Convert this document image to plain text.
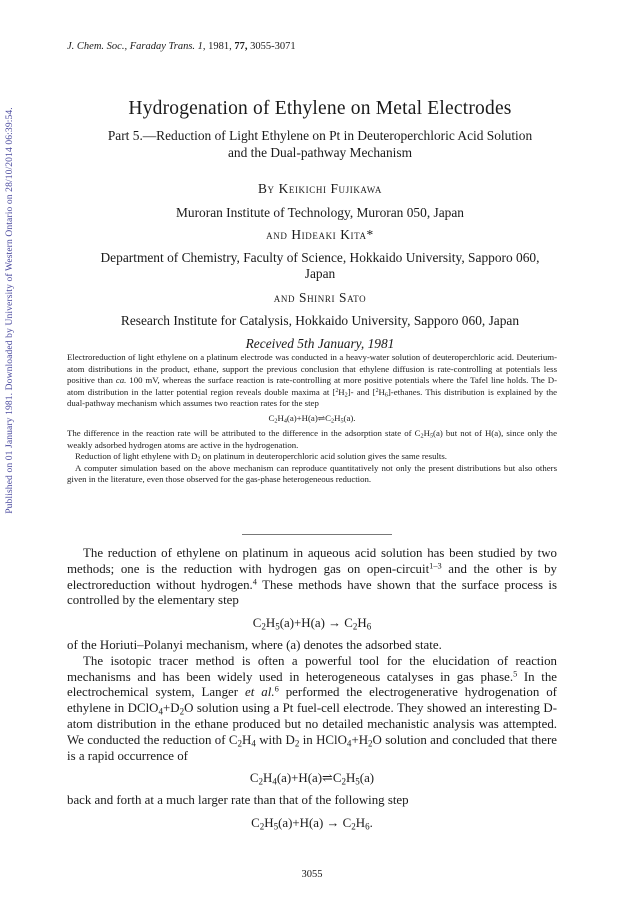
Published on 01 January 1981. Downloaded by University of Western Ontario on 28/10/2014 06:39:54.
J. Chem. Soc., Faraday Trans. 1, 1981, 77, 3055-3071
Hydrogenation of Ethylene on Metal Electrodes
Part 5.—Reduction of Light Ethylene on Pt in Deuteroperchloric Acid Solution
and the Dual-pathway Mechanism
By Keikichi Fujikawa
Muroran Institute of Technology, Muroran 050, Japan
and Hideaki Kita*
Department of Chemistry, Faculty of Science, Hokkaido University, Sapporo 060,
Japan
and Shinri Sato
Research Institute for Catalysis, Hokkaido University, Sapporo 060, Japan
Received 5th January, 1981

Electroreduction of light ethylene on a platinum electrode was conducted in a heavy-water solution of deuteroperchloric acid. Deuterium-atom distributions in the product, ethane, support the previous conclusion that ethylene diffusion is rate-controlling at potentials less positive than ca. 100 mV, whereas the surface reaction is rate-controlling at more positive potentials where the Tafel line holds. The D-atom distribution in the latter potential region reveals double maxima at $[^2H_2]-$ and $[^2H_6]$-ethanes. This distribution is explained by the dual-pathway mechanism which assumes two reaction rates for the step

$C_2H_4(a)+H(a)\rightleftharpoons C_2H_5(a)$.

The difference in the reaction rate will be attributed to the difference in the adsorption state of $C_2H_5(a)$ but not of H(a), since only the weakly adsorbed hydrogen atoms are active in the hydrogenation.

Reduction of light ethylene with $D_2$ on platinum in deuteroperchloric acid solution gives the same results.

A computer simulation based on the above mechanism can reproduce quantitatively not only the present distributions but also others given in the literature, even those observed for the gas-phase heterogeneous reduction.

The reduction of ethylene on platinum in aqueous acid solution has been studied by two methods; one is the reduction with hydrogen gas on open-circuit$^{1-3}$ and the other is by electroreduction without hydrogen.$^4$ These methods have shown that the surface process is controlled by the elementary step

$C_2H_5(a)+H(a) \to C_2H_6$

of the Horiuti–Polanyi mechanism, where (a) denotes the adsorbed state.

The isotopic tracer method is often a powerful tool for the elucidation of reaction mechanisms and has been widely used in heterogeneous catalyses in gas phase.$^5$ In the electrochemical system, Langer et al.$^6$ performed the electrogenerative hydrogenation of ethylene in $DClO_4+D_2O$ solution using a Pt fuel-cell electrode. They showed an interesting D-atom distribution in the ethane produced but no detailed mechanistic analysis was attempted. We conducted the reduction of $C_2H_4$ with $D_2$ in $HClO_4+H_2O$ solution and concluded that there is a rapid occurrence of

$C_2H_4(a)+H(a)\rightleftharpoons C_2H_5(a)$

back and forth at a much larger rate than that of the following step

$C_2H_5(a)+H(a) \to C_2H_6$.

3055
